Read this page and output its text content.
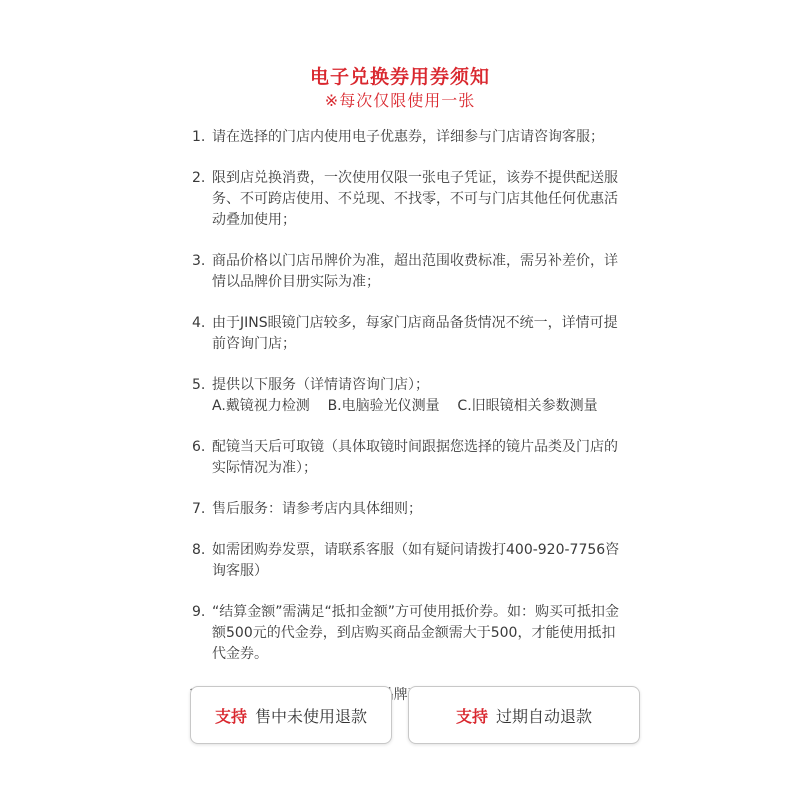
电子兑换券用券须知
※每次仅限使用一张
1. 请在选择的门店内使用电子优惠券，详细参与门店请咨询客服；
2. 限到店兑换消费，一次使用仅限一张电子凭证，该券不提供配送服务、不可跨店使用、不兑现、不找零，不可与门店其他任何优惠活动叠加使用；
3. 商品价格以门店吊牌价为准，超出范围收费标准，需另补差价，详情以品牌价目册实际为准；
4. 由于JINS眼镜门店较多，每家门店商品备货情况不统一，详情可提前咨询门店；
5. 提供以下服务（详情请咨询门店）；
A.戴镜视力检测    B.电脑验光仪测量    C.旧眼镜相关参数测量
6. 配镜当天后可取镜（具体取镜时间跟据您选择的镜片品类及门店的实际情况为准）；
7. 售后服务：请参考店内具体细则；
8. 如需团购券发票，请联系客服（如有疑问请拨打400-920-7756咨询客服）
9. “结算金额”需满足“抵扣金额”方可使用抵价券。如：购买可抵扣金额500元的代金券，到店购买商品金额需大于500，才能使用抵扣代金券。
支持 售中未使用退款	支持 过期自动退款
